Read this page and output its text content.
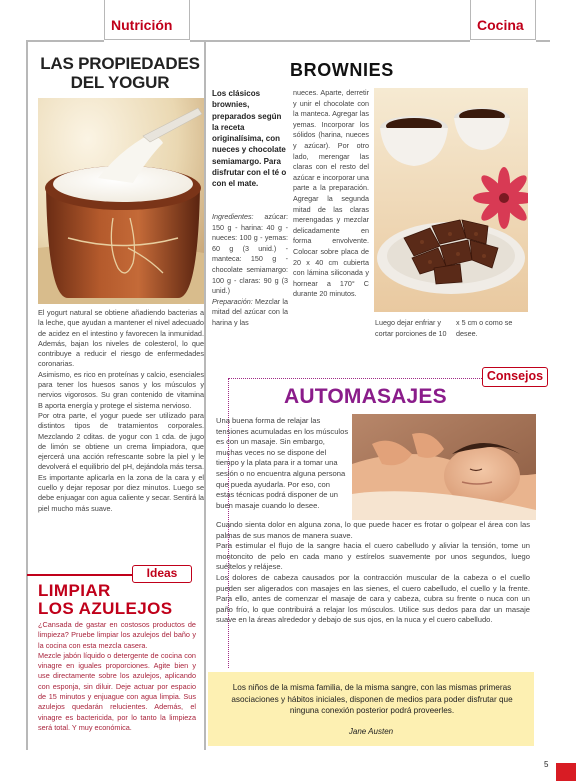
Nutrición	Cocina
LAS PROPIEDADES
DEL YOGUR

El yogurt natural se obtiene añadiendo bacterias a la leche, que ayudan a mantener el nivel adecuado de acidez en el intestino y favorecen la inmunidad. Además, bajan los niveles de colesterol, lo que contribuye a reducir el riesgo de enfermedades coronarias.

Asimismo, es rico en proteínas y calcio, esenciales para tener los huesos sanos y los músculos y nervios vigorosos. Su gran contenido de vitamina B aporta energía y protege el sistema nervioso.

Por otra parte, el yogur puede ser utilizado para distintos tipos de tratamientos corporales. Mezclando 2 cditas. de yogur con 1 cda. de jugo de limón se obtiene un crema limpiadora, que ejercerá una acción refrescante sobre la piel y le devolverá el equilibrio del pH, dejándola más tersa. Es importante aplicarla en la zona de la cara y el cuello y dejar reposar por diez minutos. Luego se debe enjuagar con agua caliente y secar. Sentirá la piel mucho más suave.

Ideas
LIMPIAR
LOS AZULEJOS

¿Cansada de gastar en costosos productos de limpieza? Pruebe limpiar los azulejos del baño y la cocina con esta mezcla casera.

Mezcle jabón líquido o detergente de cocina con vinagre en iguales proporciones. Agite bien y use directamente sobre los azulejos, aplicando con esponja, sin diluir. Deje actuar por espacio de 15 minutos y enjuague con agua limpia. Sus azulejos quedarán relucientes. Además, el vinagre es bactericida, por lo tanto la limpieza será total. Y muy económica.

BROWNIES
Los clásicos brownies, preparados según la receta originalísima, con nueces y chocolate semiamargo. Para disfrutar con el té o con el mate.

Ingredientes: azúcar: 150 g - harina: 40 g - nueces: 100 g - yemas: 60 g (3 unid.) - manteca: 150 g - chocolate semiamargo: 100 g - claras: 90 g (3 unid.)

Preparación: Mezclar la mitad del azúcar con la harina y las

nueces. Aparte, derretir y unir el chocolate con la manteca. Agregar las yemas. Incorporar los sólidos (harina, nueces y azúcar). Por otro lado, merengar las claras con el resto del azúcar e incorporar una parte a la preparación. Agregar la segunda mitad de las claras merengadas y mezclar delicadamente en forma envolvente. Colocar sobre placa de 20 x 40 cm cubierta con lámina siliconada y hornear a 170° C durante 20 minutos.
Luego dejar enfriar y cortar porciones de 10 x 5 cm o como se desee.
Consejos
AUTOMASAJES
Una buena forma de relajar las tensiones acumuladas en los músculos es con un masaje. Sin embargo, muchas veces no se dispone del tiempo y la plata para ir a tomar una sesión o no encuentra alguna persona que pueda ayudarla. Por eso, con estas técnicas podrá disponer de un buen masaje cuando lo desee.

Cuando sienta dolor en alguna zona, lo que puede hacer es frotar o golpear el área con las palmas de sus manos de manera suave.

Para estimular el flujo de la sangre hacia el cuero cabelludo y aliviar la tensión, tome un montoncito de pelo en cada mano y estírelos suavemente por unos segundos, luego suéltelos y relájese.

Los dolores de cabeza causados por la contracción muscular de la cabeza o el cuello pueden ser aligerados con masajes en las sienes, el cuero cabelludo, el cuello y la frente. Para ello, antes de comenzar el masaje de cara y cabeza, cubra su frente o nuca con un paño frío, lo que contribuirá a relajar los músculos. Utilice sus dedos para dar un masaje suave en la áreas alrededor y debajo de sus ojos, en la nuca y el cuero cabelludo.

Los niños de la misma familia, de la misma sangre, con las mismas primeras asociaciones y hábitos iniciales, disponen de medios para poder disfrutar que ninguna conexión posterior podrá proveerles.
Jane Austen
5
